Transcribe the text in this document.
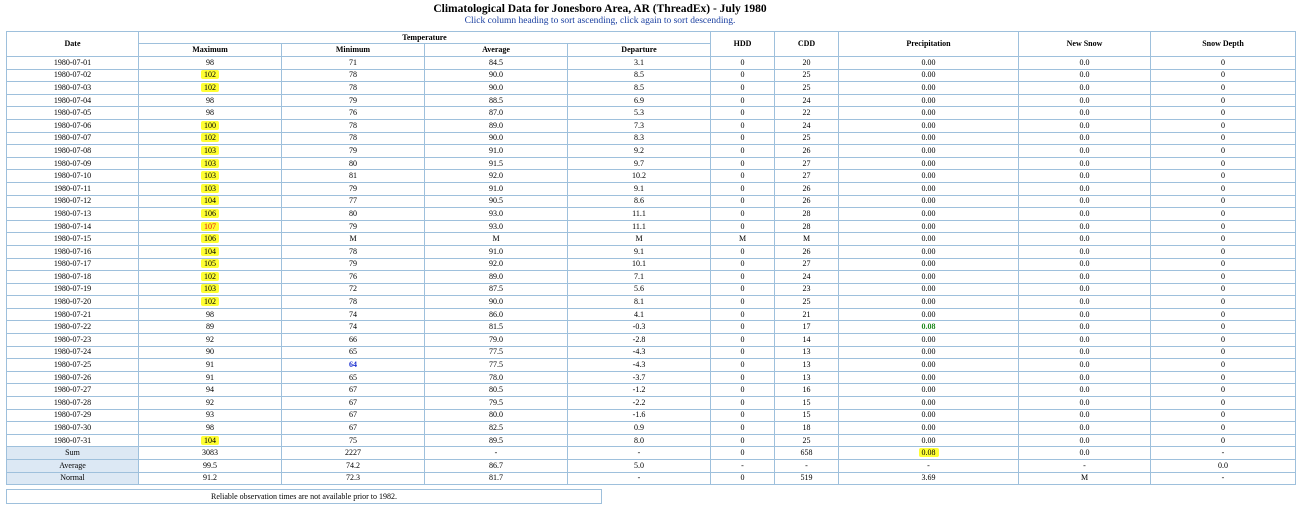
Climatological Data for Jonesboro Area, AR (ThreadEx) - July 1980
Click column heading to sort ascending, click again to sort descending.
Date	Temperature				HDD	CDD	Precipitation	New Snow	Snow Depth
	Maximum	Minimum	Average	Departure					
1980-07-01	98	71	84.5	3.1	0	20	0.00	0.0	0
1980-07-02	102	78	90.0	8.5	0	25	0.00	0.0	0
1980-07-03	102	78	90.0	8.5	0	25	0.00	0.0	0
1980-07-04	98	79	88.5	6.9	0	24	0.00	0.0	0
1980-07-05	98	76	87.0	5.3	0	22	0.00	0.0	0
1980-07-06	100	78	89.0	7.3	0	24	0.00	0.0	0
1980-07-07	102	78	90.0	8.3	0	25	0.00	0.0	0
1980-07-08	103	79	91.0	9.2	0	26	0.00	0.0	0
1980-07-09	103	80	91.5	9.7	0	27	0.00	0.0	0
1980-07-10	103	81	92.0	10.2	0	27	0.00	0.0	0
1980-07-11	103	79	91.0	9.1	0	26	0.00	0.0	0
1980-07-12	104	77	90.5	8.6	0	26	0.00	0.0	0
1980-07-13	106	80	93.0	11.1	0	28	0.00	0.0	0
1980-07-14	107	79	93.0	11.1	0	28	0.00	0.0	0
1980-07-15	106	M	M	M	M	M	0.00	0.0	0
1980-07-16	104	78	91.0	9.1	0	26	0.00	0.0	0
1980-07-17	105	79	92.0	10.1	0	27	0.00	0.0	0
1980-07-18	102	76	89.0	7.1	0	24	0.00	0.0	0
1980-07-19	103	72	87.5	5.6	0	23	0.00	0.0	0
1980-07-20	102	78	90.0	8.1	0	25	0.00	0.0	0
1980-07-21	98	74	86.0	4.1	0	21	0.00	0.0	0
1980-07-22	89	74	81.5	-0.3	0	17	0.08	0.0	0
1980-07-23	92	66	79.0	-2.8	0	14	0.00	0.0	0
1980-07-24	90	65	77.5	-4.3	0	13	0.00	0.0	0
1980-07-25	91	64	77.5	-4.3	0	13	0.00	0.0	0
1980-07-26	91	65	78.0	-3.7	0	13	0.00	0.0	0
1980-07-27	94	67	80.5	-1.2	0	16	0.00	0.0	0
1980-07-28	92	67	79.5	-2.2	0	15	0.00	0.0	0
1980-07-29	93	67	80.0	-1.6	0	15	0.00	0.0	0
1980-07-30	98	67	82.5	0.9	0	18	0.00	0.0	0
1980-07-31	104	75	89.5	8.0	0	25	0.00	0.0	0
Sum	3083	2227	-	-	0	658	0.08	0.0	-
Average	99.5	74.2	86.7	5.0	-	-	-	-	0.0
Normal	91.2	72.3	81.7	-	0	519	3.69	M	-
Reliable observation times are not available prior to 1982.
